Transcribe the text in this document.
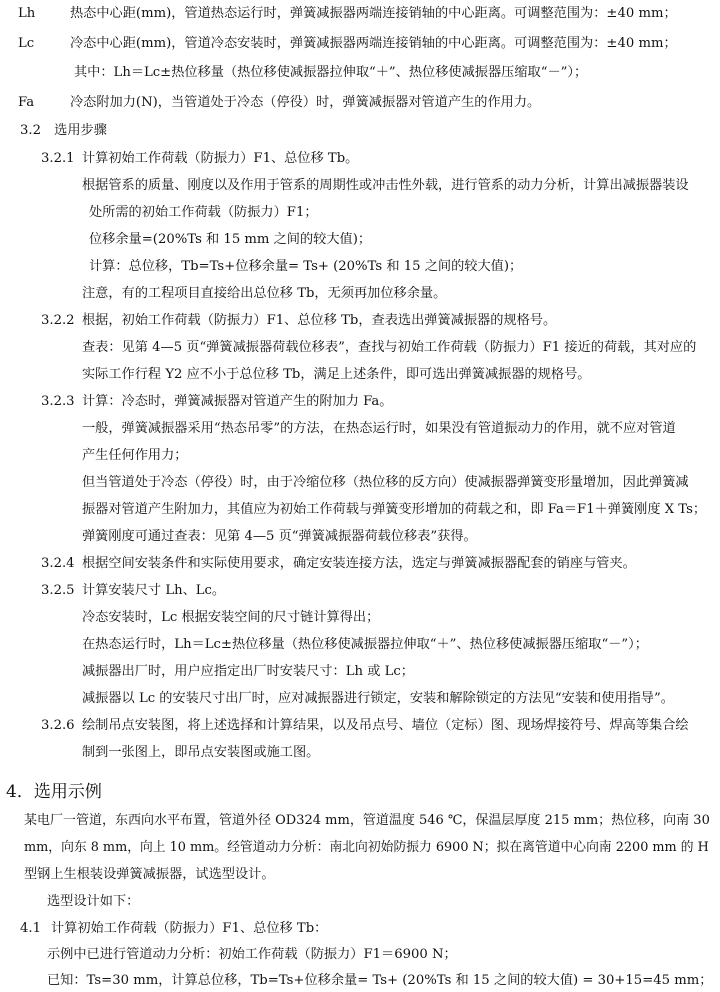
Lh	热态中心距(mm)，管道热态运行时，弹簧减振器两端连接销轴的中心距离。可调整范围为：±40 mm；
Lc	冷态中心距(mm)，管道冷态安装时，弹簧减振器两端连接销轴的中心距离。可调整范围为：±40 mm；
其中：Lh＝Lc±热位移量（热位移使减振器拉伸取“＋”、热位移使减振器压缩取“－”）；
Fa	冷态附加力(N)，当管道处于冷态（停役）时，弹簧减振器对管道产生的作用力。
3.2　选用步骤
3.2.1 计算初始工作荷载（防振力）F1、总位移 Tb。
根据管系的质量、刚度以及作用于管系的周期性或冲击性外载，进行管系的动力分析，计算出减振器装设
处所需的初始工作荷载（防振力）F1；
位移余量=(20%Ts 和 15 mm 之间的较大值)；
计算：总位移，Tb=Ts+位移余量= Ts+ (20%Ts 和 15 之间的较大值)；
注意，有的工程项目直接给出总位移 Tb，无须再加位移余量。
3.2.2 根据，初始工作荷载（防振力）F1、总位移 Tb，查表选出弹簧减振器的规格号。
查表：见第 4—5 页“弹簧减振器荷载位移表”，查找与初始工作荷载（防振力）F1 接近的荷载，其对应的
实际工作行程 Y2 应不小于总位移 Tb，满足上述条件，即可选出弹簧减振器的规格号。
3.2.3 计算：冷态时，弹簧减振器对管道产生的附加力 Fa。
一般，弹簧减振器采用“热态吊零”的方法，在热态运行时，如果没有管道振动力的作用，就不应对管道
产生任何作用力；
但当管道处于冷态（停役）时，由于冷缩位移（热位移的反方向）使减振器弹簧变形量增加，因此弹簧减
振器对管道产生附加力，其值应为初始工作荷载与弹簧变形增加的荷载之和，即 Fa＝F1＋弹簧刚度 X Ts；
弹簧刚度可通过查表：见第 4—5 页“弹簧减振器荷载位移表”获得。
3.2.4 根据空间安装条件和实际使用要求，确定安装连接方法，选定与弹簧减振器配套的销座与管夹。
3.2.5 计算安装尺寸 Lh、Lc。
冷态安装时，Lc 根据安装空间的尺寸链计算得出；
在热态运行时，Lh＝Lc±热位移量（热位移使减振器拉伸取“＋”、热位移使减振器压缩取“－”）；
减振器出厂时，用户应指定出厂时安装尺寸：Lh 或 Lc；
减振器以 Lc 的安装尺寸出厂时，应对减振器进行锁定，安装和解除锁定的方法见“安装和使用指导”。
3.2.6 绘制吊点安装图，将上述选择和计算结果，以及吊点号、墙位（定标）图、现场焊接符号、焊高等集合绘
制到一张图上，即吊点安装图或施工图。
4．选用示例
某电厂一管道，东西向水平布置，管道外径 OD324 mm，管道温度 546 ℃，保温层厚度 215 mm；热位移，向南 30
mm，向东 8 mm，向上 10 mm。经管道动力分析：南北向初始防振力 6900 N；拟在离管道中心向南 2200 mm 的 H
型钢上生根装设弹簧减振器，试选型设计。
选型设计如下：
4.1 计算初始工作荷载（防振力）F1、总位移 Tb：
示例中已进行管道动力分析：初始工作荷载（防振力）F1＝6900 N；
已知：Ts=30 mm，计算总位移，Tb=Ts+位移余量= Ts+ (20%Ts 和 15 之间的较大值) = 30+15=45 mm；
